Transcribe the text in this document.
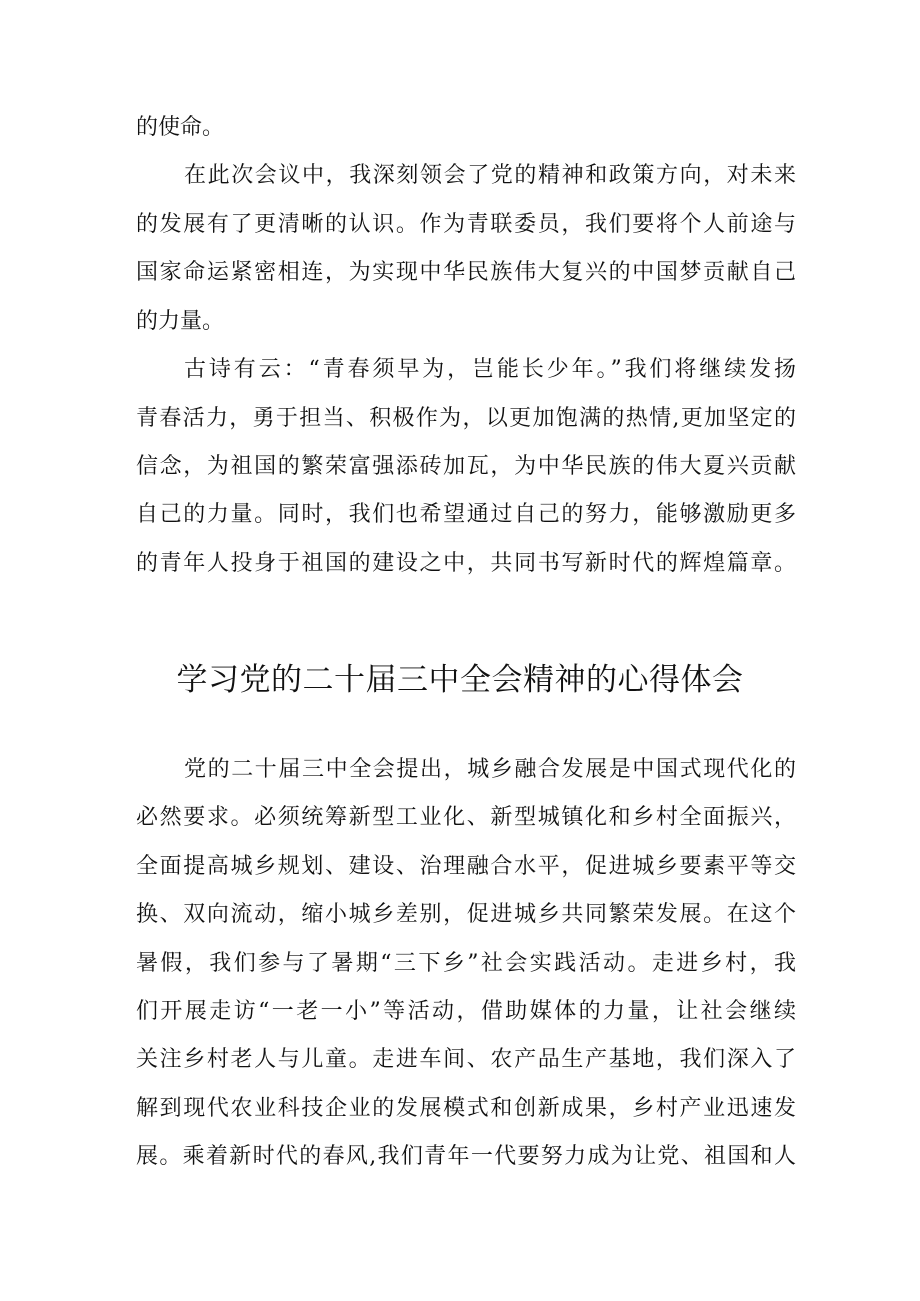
的使命。
在此次会议中，我深刻领会了党的精神和政策方向，对未来
的发展有了更清晰的认识。作为青联委员，我们要将个人前途与
国家命运紧密相连，为实现中华民族伟大复兴的中国梦贡献自己
的力量。
古诗有云：“青春须早为，岂能长少年。”我们将继续发扬
青春活力，勇于担当、积极作为，以更加饱满的热情,更加坚定的
信念，为祖国的繁荣富强添砖加瓦，为中华民族的伟大夏兴贡献
自己的力量。同时，我们也希望通过自己的努力，能够激励更多
的青年人投身于祖国的建设之中，共同书写新时代的辉煌篇章。
学习党的二十届三中全会精神的心得体会
党的二十届三中全会提出，城乡融合发展是中国式现代化的
必然要求。必须统筹新型工业化、新型城镇化和乡村全面振兴，
全面提高城乡规划、建设、治理融合水平，促进城乡要素平等交
换、双向流动，缩小城乡差别，促进城乡共同繁荣发展。在这个
暑假，我们参与了暑期“三下乡”社会实践活动。走进乡村，我
们开展走访“一老一小”等活动，借助媒体的力量，让社会继续
关注乡村老人与儿童。走进车间、农产品生产基地，我们深入了
解到现代农业科技企业的发展模式和创新成果，乡村产业迅速发
展。乘着新时代的春风,我们青年一代要努力成为让党、祖国和人
